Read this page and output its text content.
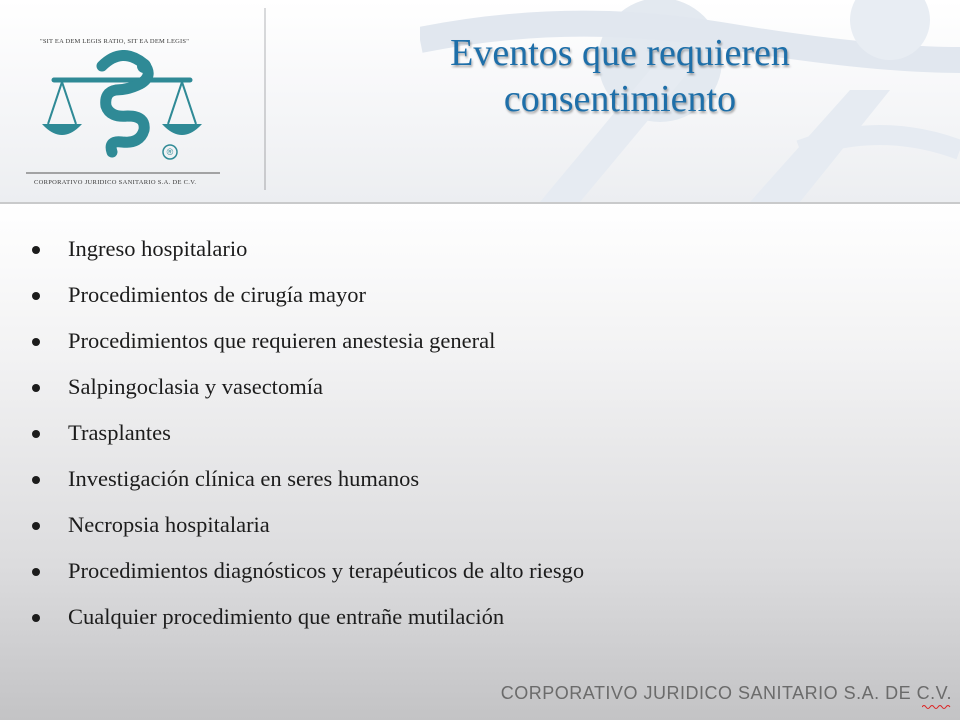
"SIT EA DEM LEGIS RATIO, SIT EA DEM LEGIS"
®
CORPORATIVO JURIDICO SANITARIO S.A. DE C.V.
Eventos que requieren consentimiento
Ingreso hospitalario
Procedimientos de cirugía mayor
Procedimientos que requieren anestesia general
Salpingoclasia y vasectomía
Trasplantes
Investigación clínica en seres humanos
Necropsia hospitalaria
Procedimientos diagnósticos y terapéuticos de alto riesgo
Cualquier procedimiento que entrañe mutilación
CORPORATIVO JURIDICO SANITARIO S.A. DE C.V.
